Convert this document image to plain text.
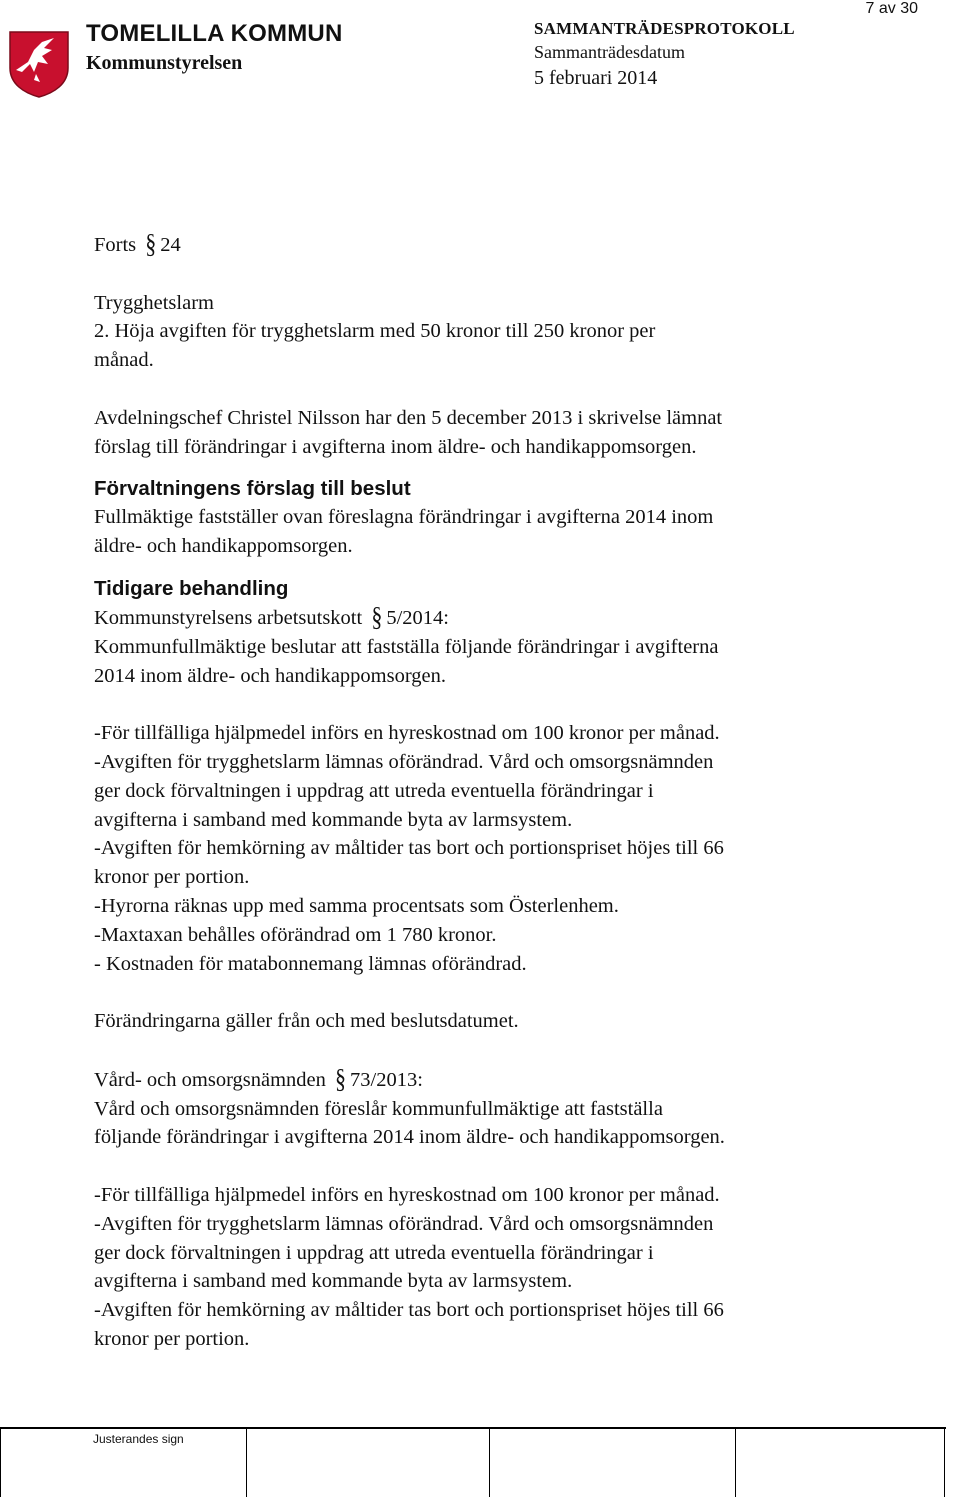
7 av 30
TOMELILLA KOMMUN
Kommunstyrelsen
SAMMANTRÄDESPROTOKOLL
Sammanträdesdatum
5 februari 2014

Forts § 24

Trygghetslarm

2. Höja avgiften för trygghetslarm med 50 kronor till 250 kronor per

månad.

Avdelningschef Christel Nilsson har den 5 december 2013 i skrivelse lämnat

förslag till förändringar i avgifterna inom äldre- och handikappomsorgen.

Förvaltningens förslag till beslut

Fullmäktige fastställer ovan föreslagna förändringar i avgifterna 2014 inom

äldre- och handikappomsorgen.

Tidigare behandling

Kommunstyrelsens arbetsutskott § 5/2014:

Kommunfullmäktige beslutar att fastställa följande förändringar i avgifterna

2014 inom äldre- och handikappomsorgen.

-För tillfälliga hjälpmedel införs en hyreskostnad om 100 kronor per månad.

-Avgiften för trygghetslarm lämnas oförändrad. Vård och omsorgsnämnden

ger dock förvaltningen i uppdrag att utreda eventuella förändringar i

avgifterna i samband med kommande byta av larmsystem.

-Avgiften för hemkörning av måltider tas bort och portionspriset höjes till 66

kronor per portion.

-Hyrorna räknas upp med samma procentsats som Österlenhem.

-Maxtaxan behålles oförändrad om 1 780 kronor.

- Kostnaden för matabonnemang lämnas oförändrad.

Förändringarna gäller från och med beslutsdatumet.

Vård- och omsorgsnämnden § 73/2013:

Vård och omsorgsnämnden föreslår kommunfullmäktige att fastställa

följande förändringar i avgifterna 2014 inom äldre- och handikappomsorgen.

-För tillfälliga hjälpmedel införs en hyreskostnad om 100 kronor per månad.

-Avgiften för trygghetslarm lämnas oförändrad. Vård och omsorgsnämnden

ger dock förvaltningen i uppdrag att utreda eventuella förändringar i

avgifterna i samband med kommande byta av larmsystem.

-Avgiften för hemkörning av måltider tas bort och portionspriset höjes till 66

kronor per portion.

Justerandes sign
